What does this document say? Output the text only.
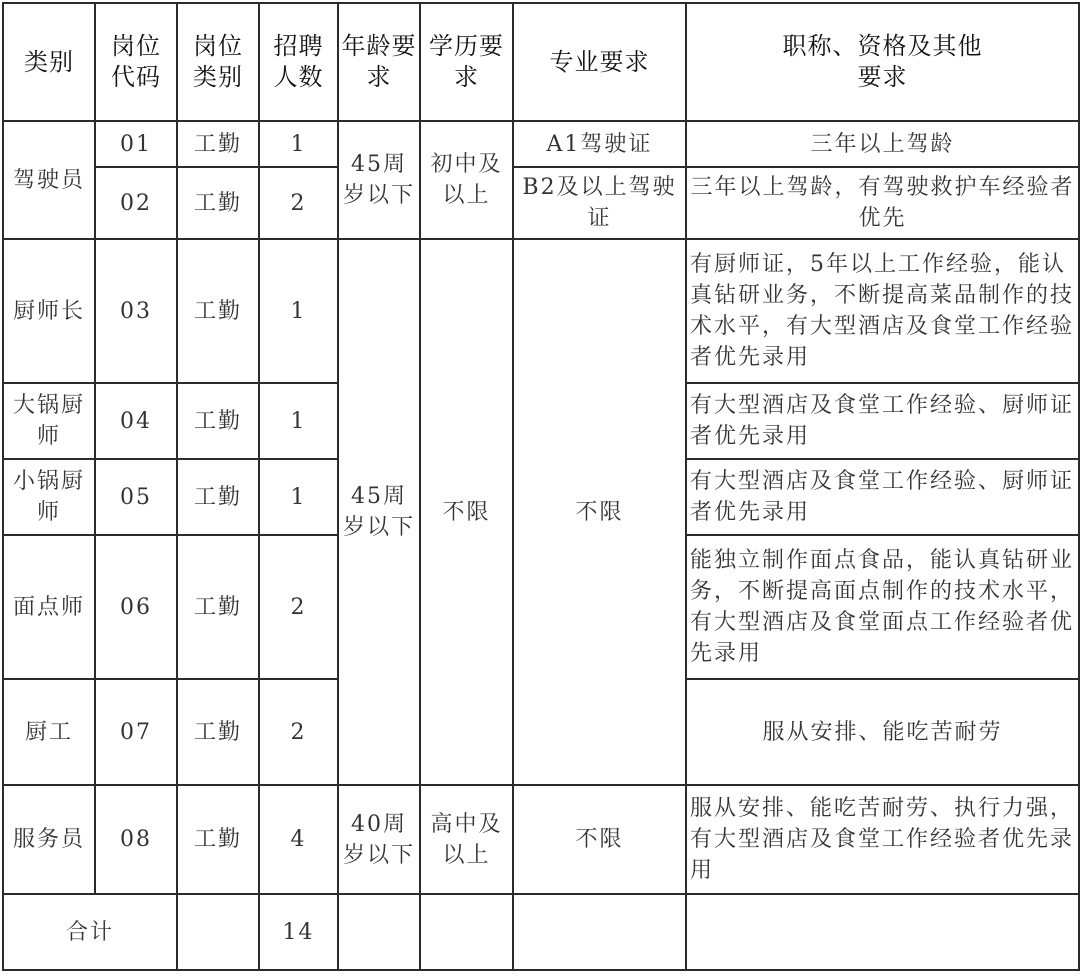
类别	岗位代码	岗位类别	招聘人数	年龄要求	学历要求	专业要求	职称、资格及其他要求

驾驶员	01	工勤	1	45周岁以下	初中及以上	A1驾驶证	三年以上驾龄
	02	工勤	2			B2及以上驾驶证	三年以上驾龄，有驾驶救护车经验者优先
厨师长	03	工勤	1	45周岁以下	不限	不限	有厨师证，5年以上工作经验，能认真钻研业务，不断提高菜品制作的技术水平，有大型酒店及食堂工作经验者优先录用

大锅厨师	04	工勤	1				有大型酒店及食堂工作经验、厨师证者优先录用

小锅厨师	05	工勤	1				有大型酒店及食堂工作经验、厨师证者优先录用
面点师	06	工勤	2				能独立制作面点食品，能认真钻研业务，不断提高面点制作的技术水平，有大型酒店及食堂面点工作经验者优先录用
厨工	07	工勤	2				服从安排、能吃苦耐劳
服务员	08	工勤	4	40周岁以下	高中及以上	不限	服从安排、能吃苦耐劳、执行力强，有大型酒店及食堂工作经验者优先录用
合计			14				
